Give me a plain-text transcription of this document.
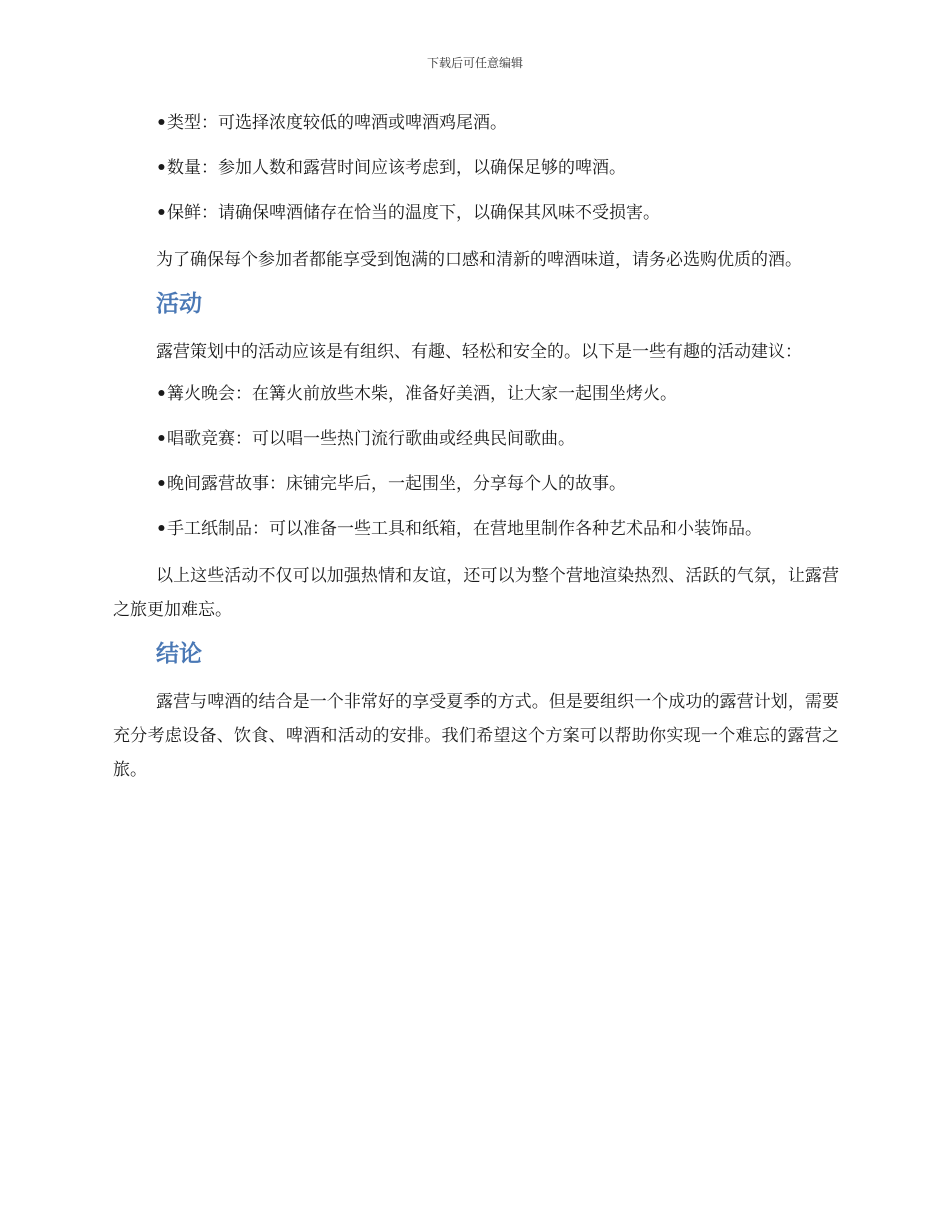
下载后可任意编辑
•类型：可选择浓度较低的啤酒或啤酒鸡尾酒。
•数量：参加人数和露营时间应该考虑到，以确保足够的啤酒。
•保鲜：请确保啤酒储存在恰当的温度下，以确保其风味不受损害。

为了确保每个参加者都能享受到饱满的口感和清新的啤酒味道，请务必选购优质的酒。

活动

露营策划中的活动应该是有组织、有趣、轻松和安全的。以下是一些有趣的活动建议：

•篝火晚会：在篝火前放些木柴，准备好美酒，让大家一起围坐烤火。
•唱歌竞赛：可以唱一些热门流行歌曲或经典民间歌曲。
•晚间露营故事：床铺完毕后，一起围坐，分享每个人的故事。
•手工纸制品：可以准备一些工具和纸箱，在营地里制作各种艺术品和小装饰品。

以上这些活动不仅可以加强热情和友谊，还可以为整个营地渲染热烈、活跃的气氛，让露营之旅更加难忘。

结论

露营与啤酒的结合是一个非常好的享受夏季的方式。但是要组织一个成功的露营计划，需要充分考虑设备、饮食、啤酒和活动的安排。我们希望这个方案可以帮助你实现一个难忘的露营之旅。
